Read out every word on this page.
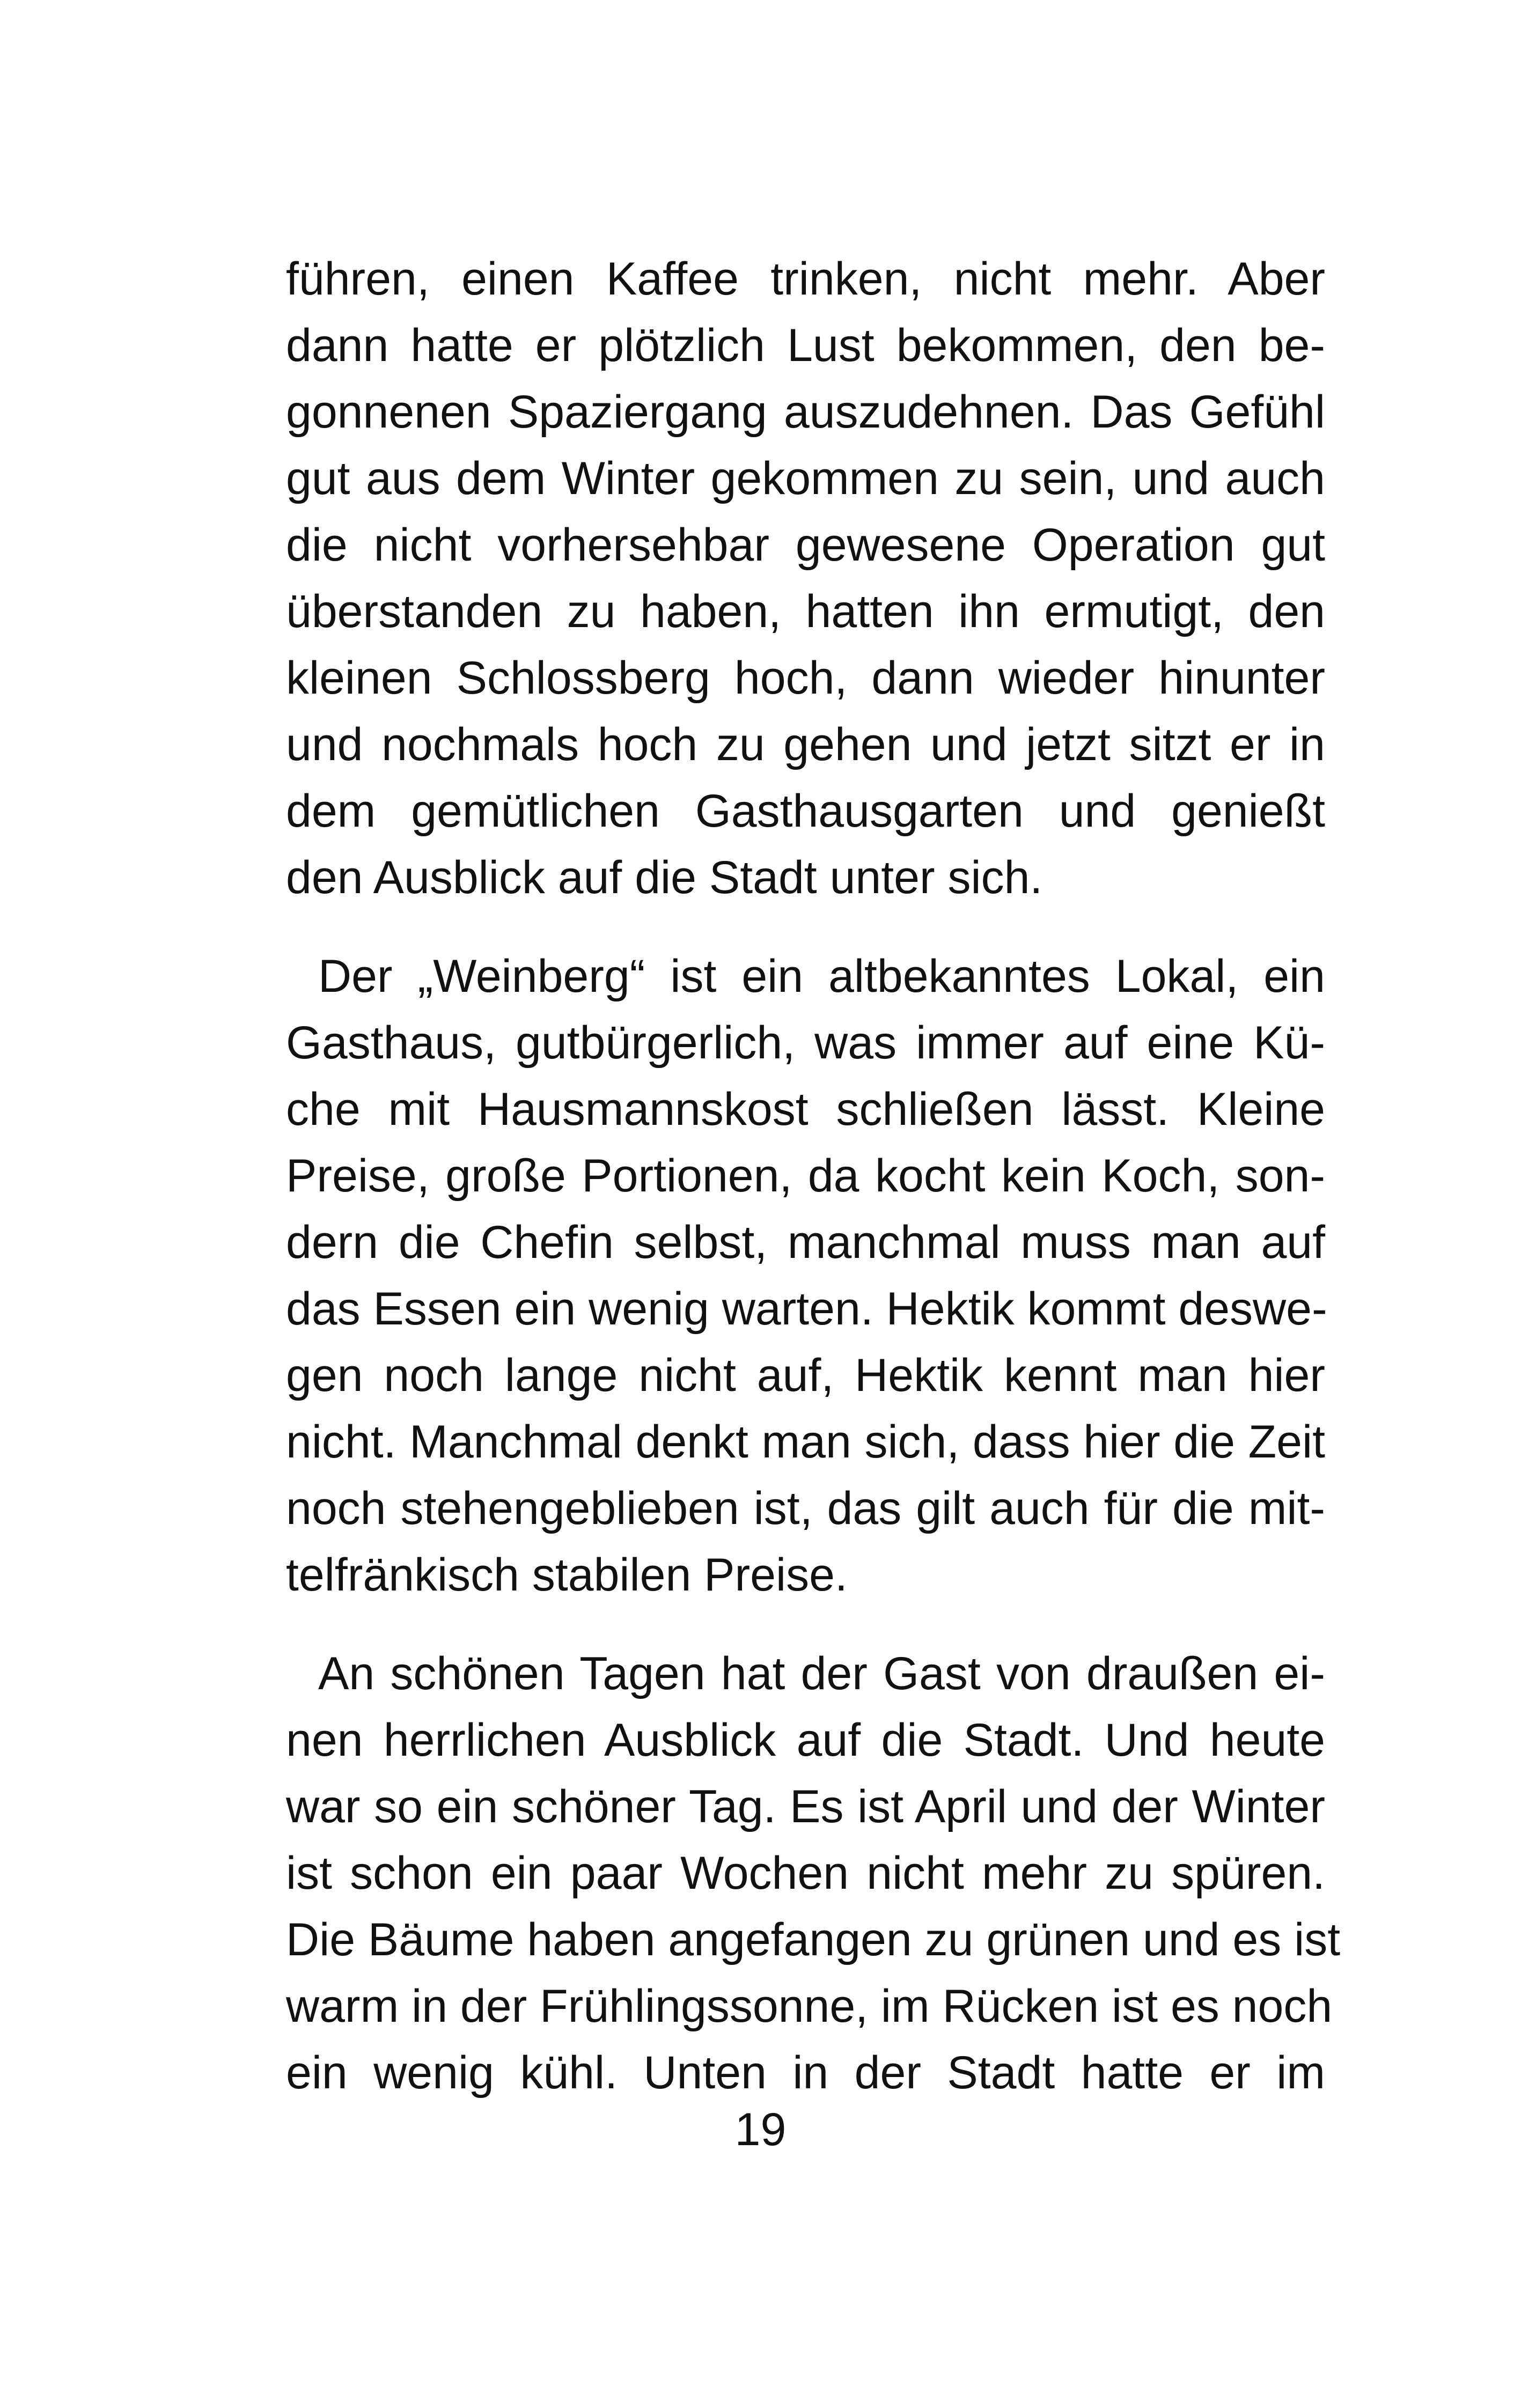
führen, einen Kaffee trinken, nicht mehr. Aber
dann hatte er plötzlich Lust bekommen, den be-
gonnenen Spaziergang auszudehnen. Das Gefühl
gut aus dem Winter gekommen zu sein, und auch
die nicht vorhersehbar gewesene Operation gut
überstanden zu haben, hatten ihn ermutigt, den
kleinen Schlossberg hoch, dann wieder hinunter
und nochmals hoch zu gehen und jetzt sitzt er in
dem gemütlichen Gasthausgarten und genießt
den Ausblick auf die Stadt unter sich.
Der „Weinberg“ ist ein altbekanntes Lokal, ein
Gasthaus, gutbürgerlich, was immer auf eine Kü-
che mit Hausmannskost schließen lässt. Kleine
Preise, große Portionen, da kocht kein Koch, son-
dern die Chefin selbst, manchmal muss man auf
das Essen ein wenig warten. Hektik kommt deswe-
gen noch lange nicht auf, Hektik kennt man hier
nicht. Manchmal denkt man sich, dass hier die Zeit
noch stehengeblieben ist, das gilt auch für die mit-
telfränkisch stabilen Preise.
An schönen Tagen hat der Gast von draußen ei-
nen herrlichen Ausblick auf die Stadt. Und heute
war so ein schöner Tag. Es ist April und der Winter
ist schon ein paar Wochen nicht mehr zu spüren.
Die Bäume haben angefangen zu grünen und es ist
warm in der Frühlingssonne, im Rücken ist es noch
ein wenig kühl. Unten in der Stadt hatte er im
19
